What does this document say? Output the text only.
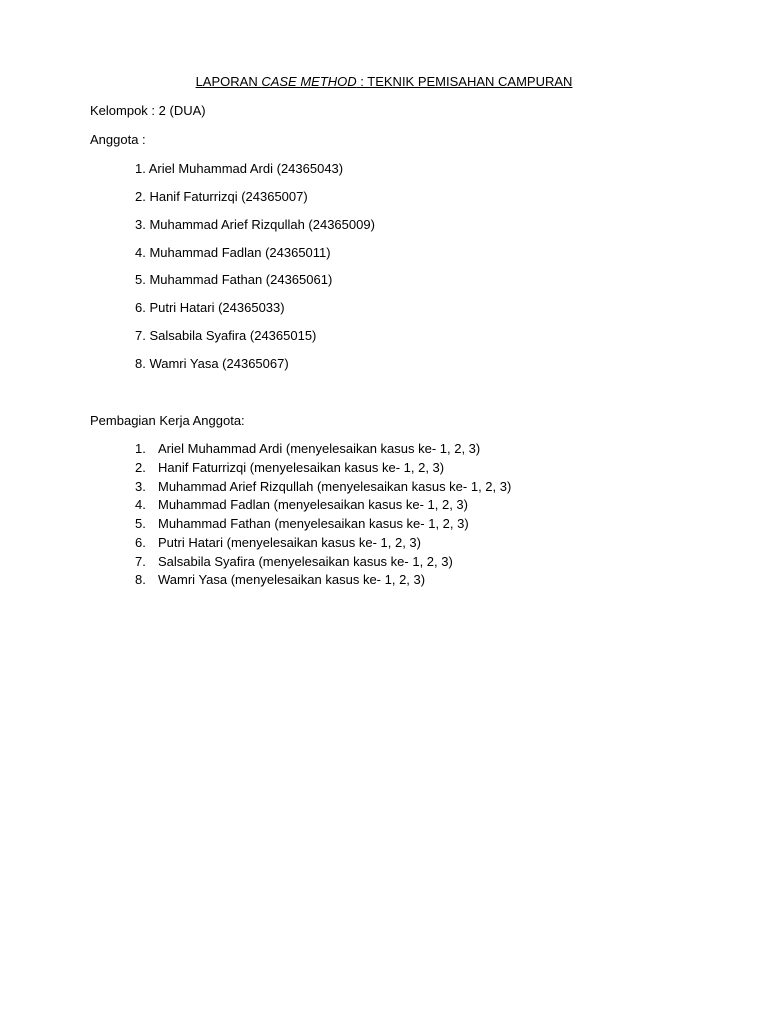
LAPORAN CASE METHOD : TEKNIK PEMISAHAN CAMPURAN
Kelompok : 2 (DUA)
Anggota :
1. Ariel Muhammad Ardi (24365043)
2. Hanif Faturrizqi (24365007)
3. Muhammad Arief Rizqullah (24365009)
4. Muhammad Fadlan (24365011)
5. Muhammad Fathan (24365061)
6. Putri Hatari (24365033)
7. Salsabila Syafira (24365015)
8. Wamri Yasa (24365067)
Pembagian Kerja Anggota:
1. Ariel Muhammad Ardi (menyelesaikan kasus ke- 1, 2, 3)
2. Hanif Faturrizqi (menyelesaikan kasus ke- 1, 2, 3)
3. Muhammad Arief Rizqullah (menyelesaikan kasus ke- 1, 2, 3)
4. Muhammad Fadlan (menyelesaikan kasus ke- 1, 2, 3)
5. Muhammad Fathan (menyelesaikan kasus ke- 1, 2, 3)
6. Putri Hatari (menyelesaikan kasus ke- 1, 2, 3)
7. Salsabila Syafira (menyelesaikan kasus ke- 1, 2, 3)
8. Wamri Yasa (menyelesaikan kasus ke- 1, 2, 3)
